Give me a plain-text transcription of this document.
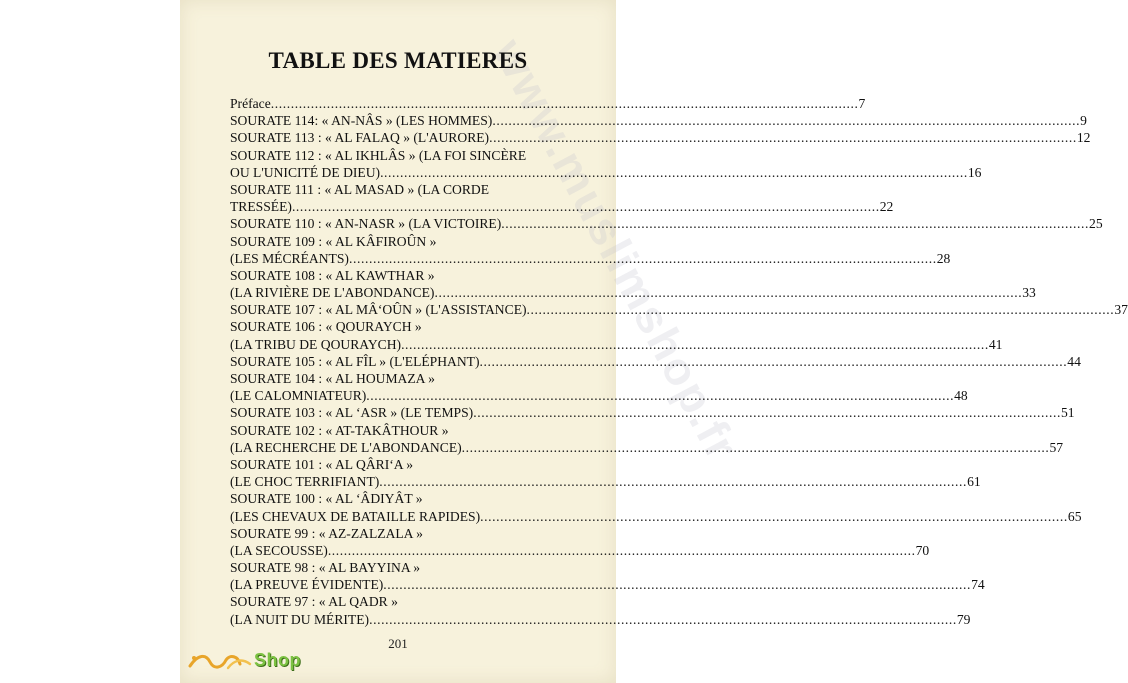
www.muslimshop.fr
TABLE DES MATIERES
Préface .....	7
SOURATE 114: « AN-NÂS » (LES HOMMES) .....	9
SOURATE 113 : « AL FALAQ » (L'AURORE) .....	12
SOURATE 112 : « AL IKHLÂS » (LA FOI SINCÈRE
OU L'UNICITÉ DE DIEU) .....	16
SOURATE 111 : « AL MASAD » (LA CORDE
TRESSÉE) .....	22
SOURATE 110 : « AN-NASR » (LA VICTOIRE) .....	25
SOURATE 109 : « AL KÂFIROÛN »
(LES MÉCRÉANTS) .....	28
SOURATE 108 : « AL KAWTHAR »
(LA RIVIÈRE DE L'ABONDANCE) .....	33
SOURATE 107 : « AL MÂ‘OÛN » (L'ASSISTANCE) .....	37
SOURATE 106 : « QOURAYCH »
(LA TRIBU DE QOURAYCH) .....	41
SOURATE 105 : « AL FÎL » (L'ELÉPHANT) .....	44
SOURATE 104 : « AL HOUMAZA »
(LE CALOMNIATEUR) .....	48
SOURATE 103 : « AL ‘ASR » (LE TEMPS) .....	51
SOURATE 102 : « AT-TAKÂTHOUR »
(LA RECHERCHE DE L'ABONDANCE) .....	57
SOURATE 101 : « AL QÂRI‘A »
(LE CHOC TERRIFIANT) .....	61
SOURATE 100 : « AL ‘ÂDIYÂT »
(LES CHEVAUX DE BATAILLE RAPIDES) .....	65
SOURATE 99 : « AZ-ZALZALA »
(LA SECOUSSE) .....	70
SOURATE 98 : « AL BAYYINA »
(LA PREUVE ÉVIDENTE) .....	74
SOURATE 97 : « AL QADR »
(LA NUIT DU MÉRITE) .....	79
201
Shop
